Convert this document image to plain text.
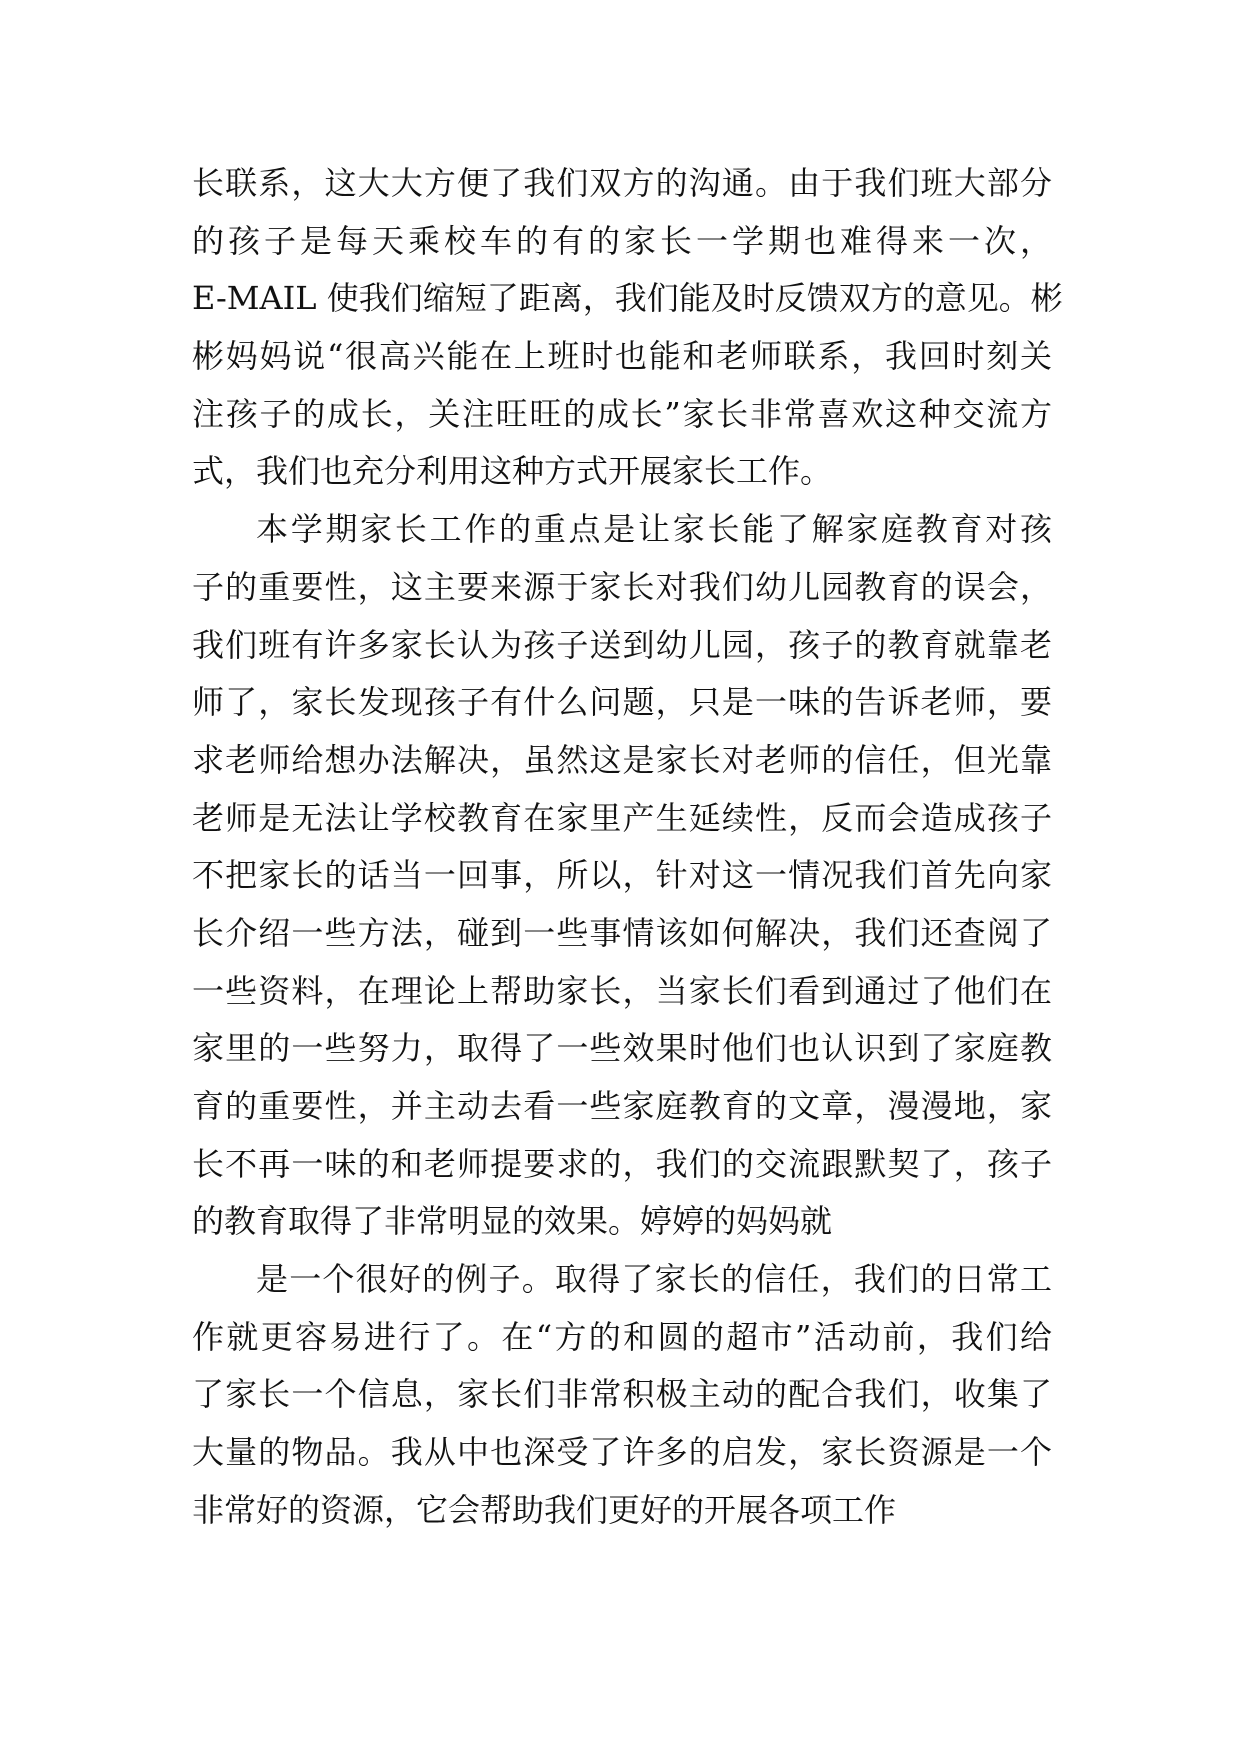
长联系，这大大方便了我们双方的沟通。由于我们班大部分
的孩子是每天乘校车的有的家长一学期也难得来一次，
E-MAIL 使我们缩短了距离，我们能及时反馈双方的意见。彬
彬妈妈说“很高兴能在上班时也能和老师联系，我回时刻关
注孩子的成长，关注旺旺的成长”家长非常喜欢这种交流方
式，我们也充分利用这种方式开展家长工作。
本学期家长工作的重点是让家长能了解家庭教育对孩
子的重要性，这主要来源于家长对我们幼儿园教育的误会，
我们班有许多家长认为孩子送到幼儿园，孩子的教育就靠老
师了，家长发现孩子有什么问题，只是一味的告诉老师，要
求老师给想办法解决，虽然这是家长对老师的信任，但光靠
老师是无法让学校教育在家里产生延续性，反而会造成孩子
不把家长的话当一回事，所以，针对这一情况我们首先向家
长介绍一些方法，碰到一些事情该如何解决，我们还查阅了
一些资料，在理论上帮助家长，当家长们看到通过了他们在
家里的一些努力，取得了一些效果时他们也认识到了家庭教
育的重要性，并主动去看一些家庭教育的文章，漫漫地，家
长不再一味的和老师提要求的，我们的交流跟默契了，孩子
的教育取得了非常明显的效果。婷婷的妈妈就
是一个很好的例子。取得了家长的信任，我们的日常工
作就更容易进行了。在“方的和圆的超市”活动前，我们给
了家长一个信息，家长们非常积极主动的配合我们，收集了
大量的物品。我从中也深受了许多的启发，家长资源是一个
非常好的资源，它会帮助我们更好的开展各项工作
